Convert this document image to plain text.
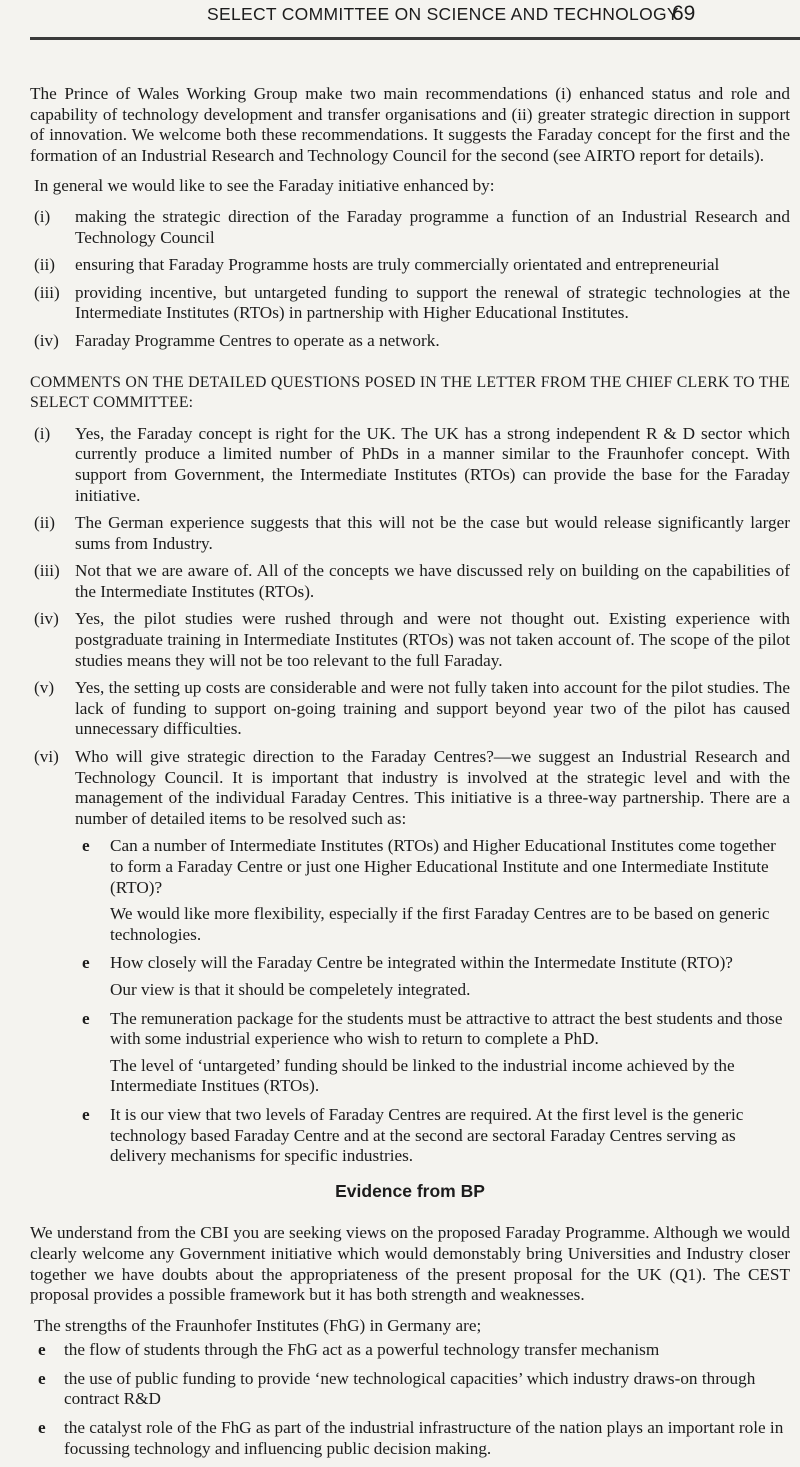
SELECT COMMITTEE ON SCIENCE AND TECHNOLOGY
69

The Prince of Wales Working Group make two main recommendations (i) enhanced status and role and capability of technology development and transfer organisations and (ii) greater strategic direction in support of innovation. We welcome both these recommendations. It suggests the Faraday concept for the first and the formation of an Industrial Research and Technology Council for the second (see AIRTO report for details).

In general we would like to see the Faraday initiative enhanced by:

(i)	making the strategic direction of the Faraday programme a function of an Industrial Research and Technology Council
(ii)	ensuring that Faraday Programme hosts are truly commercially orientated and entrepreneurial
(iii) providing incentive, but untargeted funding to support the renewal of strategic technologies at the Intermediate Institutes (RTOs) in partnership with Higher Educational Institutes.
(iv) Faraday Programme Centres to operate as a network.

COMMENTS ON THE DETAILED QUESTIONS POSED IN THE LETTER FROM THE CHIEF CLERK TO THE SELECT COMMITTEE:

(i)	Yes, the Faraday concept is right for the UK. The UK has a strong independent R & D sector which currently produce a limited number of PhDs in a manner similar to the Fraunhofer concept. With support from Government, the Intermediate Institutes (RTOs) can provide the base for the Faraday initiative.
(ii)	The German experience suggests that this will not be the case but would release significantly larger sums from Industry.
(iii) Not that we are aware of. All of the concepts we have discussed rely on building on the capabilities of the Intermediate Institutes (RTOs).
(iv) Yes, the pilot studies were rushed through and were not thought out. Existing experience with postgraduate training in Intermediate Institutes (RTOs) was not taken account of. The scope of the pilot studies means they will not be too relevant to the full Faraday.
(v)	Yes, the setting up costs are considerable and were not fully taken into account for the pilot studies. The lack of funding to support on-going training and support beyond year two of the pilot has caused unnecessary difficulties.
(vi) Who will give strategic direction to the Faraday Centres?—we suggest an Industrial Research and Technology Council. It is important that industry is involved at the strategic level and with the management of the individual Faraday Centres. This initiative is a three-way partnership. There are a number of detailed items to be resolved such as:
e	Can a number of Intermediate Institutes (RTOs) and Higher Educational Institutes come together to form a Faraday Centre or just one Higher Educational Institute and one Intermediate Institute (RTO)?
We would like more flexibility, especially if the first Faraday Centres are to be based on generic technologies.
e	How closely will the Faraday Centre be integrated within the Intermedate Institute (RTO)?
Our view is that it should be compeletely integrated.
e	The remuneration package for the students must be attractive to attract the best students and those with some industrial experience who wish to return to complete a PhD.
The level of ‘untargeted’ funding should be linked to the industrial income achieved by the Intermediate Institues (RTOs).
e	It is our view that two levels of Faraday Centres are required. At the first level is the generic technology based Faraday Centre and at the second are sectoral Faraday Centres serving as delivery mechanisms for specific industries.
Evidence from BP

We understand from the CBI you are seeking views on the proposed Faraday Programme. Although we would clearly welcome any Government initiative which would demonstably bring Universities and Industry closer together we have doubts about the appropriateness of the present proposal for the UK (Q1). The CEST proposal provides a possible framework but it has both strength and weaknesses.

The strengths of the Fraunhofer Institutes (FhG) in Germany are;

e	the flow of students through the FhG act as a powerful technology transfer mechanism
e	the use of public funding to provide ‘new technological capacities’ which industry draws-on through contract R&D
e	the catalyst role of the FhG as part of the industrial infrastructure of the nation plays an important role in focussing technology and influencing public decision making.
